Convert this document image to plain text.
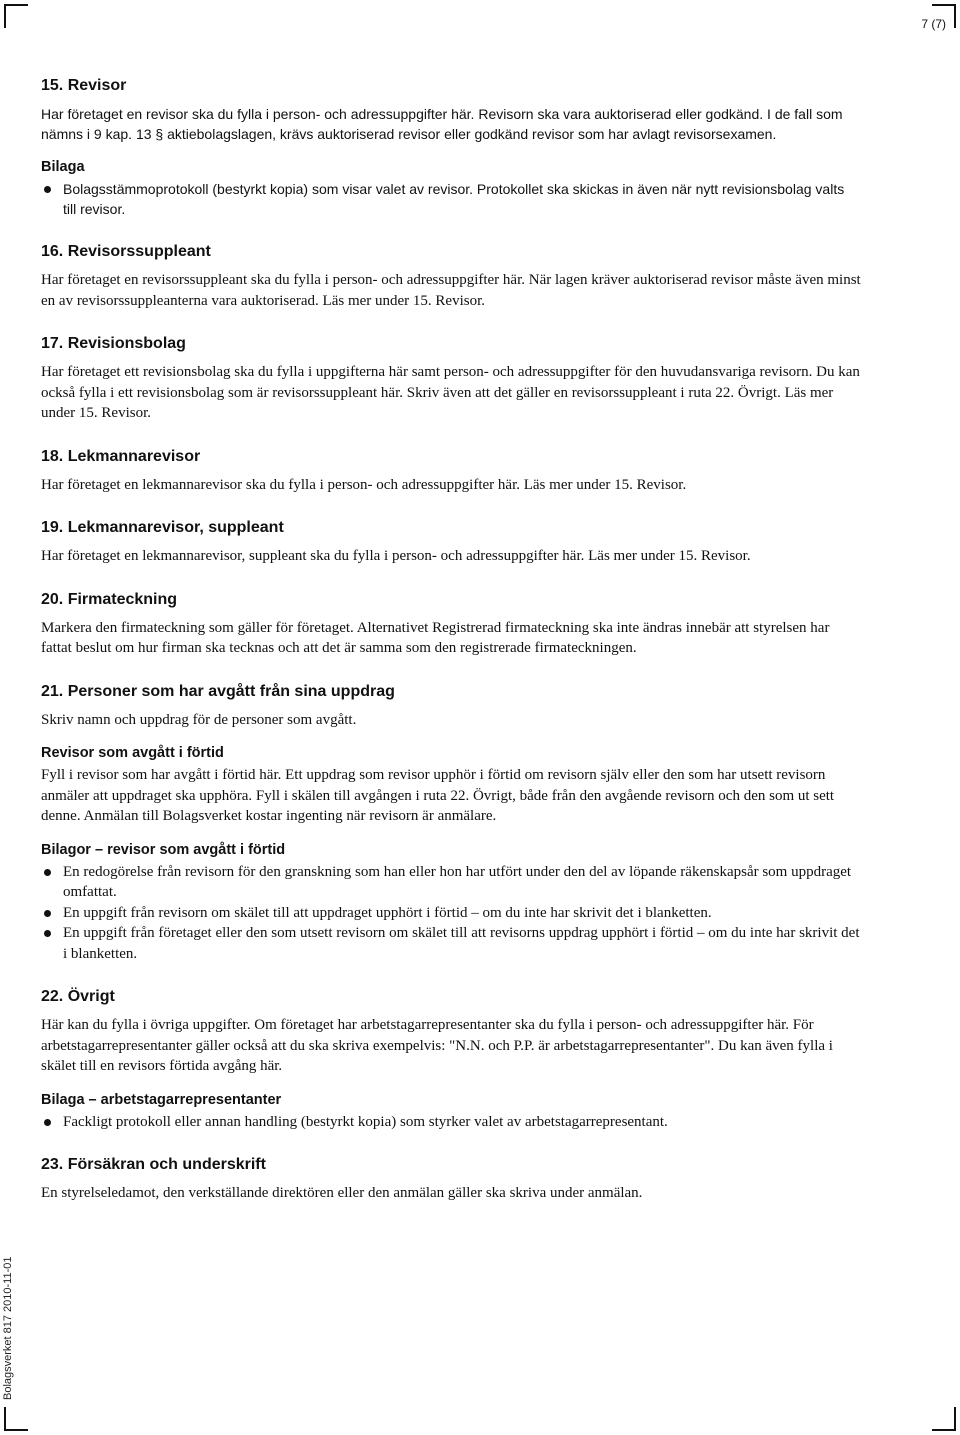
7 (7)
Bolagsverket 817 2010-11-01
15. Revisor

Har företaget en revisor ska du fylla i person- och adressuppgifter här. Revisorn ska vara auktoriserad eller godkänd. I de fall som nämns i 9 kap. 13 § aktiebolagslagen, krävs auktoriserad revisor eller godkänd revisor som har avlagt revisorsexamen.

Bilaga

Bolagsstämmoprotokoll (bestyrkt kopia) som visar valet av revisor. Protokollet ska skickas in även när nytt revisionsbolag valts till revisor.

16. Revisorssuppleant

Har företaget en revisorssuppleant ska du fylla i person- och adressuppgifter här. När lagen kräver auktoriserad revisor måste även minst en av revisorssuppleanterna vara auktoriserad. Läs mer under 15. Revisor.

17. Revisionsbolag

Har företaget ett revisionsbolag ska du fylla i uppgifterna här samt person- och adressuppgifter för den huvudansvariga revisorn. Du kan också fylla i ett revisionsbolag som är revisorssuppleant här. Skriv även att det gäller en revisorssuppleant i ruta 22. Övrigt. Läs mer under 15. Revisor.

18. Lekmannarevisor

Har företaget en lekmannarevisor ska du fylla i person- och adressuppgifter här. Läs mer under 15. Revisor.

19. Lekmannarevisor, suppleant

Har företaget en lekmannarevisor, suppleant ska du fylla i person- och adressuppgifter här. Läs mer under 15. Revisor.

20. Firmateckning

Markera den firmateckning som gäller för företaget. Alternativet Registrerad firmateckning ska inte ändras innebär att styrelsen har fattat beslut om hur firman ska tecknas och att det är samma som den registrerade firmateckningen.

21. Personer som har avgått från sina uppdrag

Skriv namn och uppdrag för de personer som avgått.

Revisor som avgått i förtid

Fyll i revisor som har avgått i förtid här. Ett uppdrag som revisor upphör i förtid om revisorn själv eller den som har utsett revisorn anmäler att uppdraget ska upphöra. Fyll i skälen till avgången i ruta 22. Övrigt, både från den avgående revisorn och den som ut sett denne. Anmälan till Bolagsverket kostar ingenting när revisorn är anmälare.

Bilagor – revisor som avgått i förtid

En redogörelse från revisorn för den granskning som han eller hon har utfört under den del av löpande räkenskapsår som uppdraget omfattat.

En uppgift från revisorn om skälet till att uppdraget upphört i förtid – om du inte har skrivit det i blanketten.

En uppgift från företaget eller den som utsett revisorn om skälet till att revisorns uppdrag upphört i förtid – om du inte har skrivit det i blanketten.

22. Övrigt

Här kan du fylla i övriga uppgifter. Om företaget har arbetstagarrepresentanter ska du fylla i person- och adressuppgifter här. För arbetstagarrepresentanter gäller också att du ska skriva exempelvis: "N.N. och P.P. är arbetstagarrepresentanter". Du kan även fylla i skälet till en revisors förtida avgång här.

Bilaga – arbetstagarrepresentanter

Fackligt protokoll eller annan handling (bestyrkt kopia) som styrker valet av arbetstagarrepresentant.

23. Försäkran och underskrift

En styrelseledamot, den verkställande direktören eller den anmälan gäller ska skriva under anmälan.
